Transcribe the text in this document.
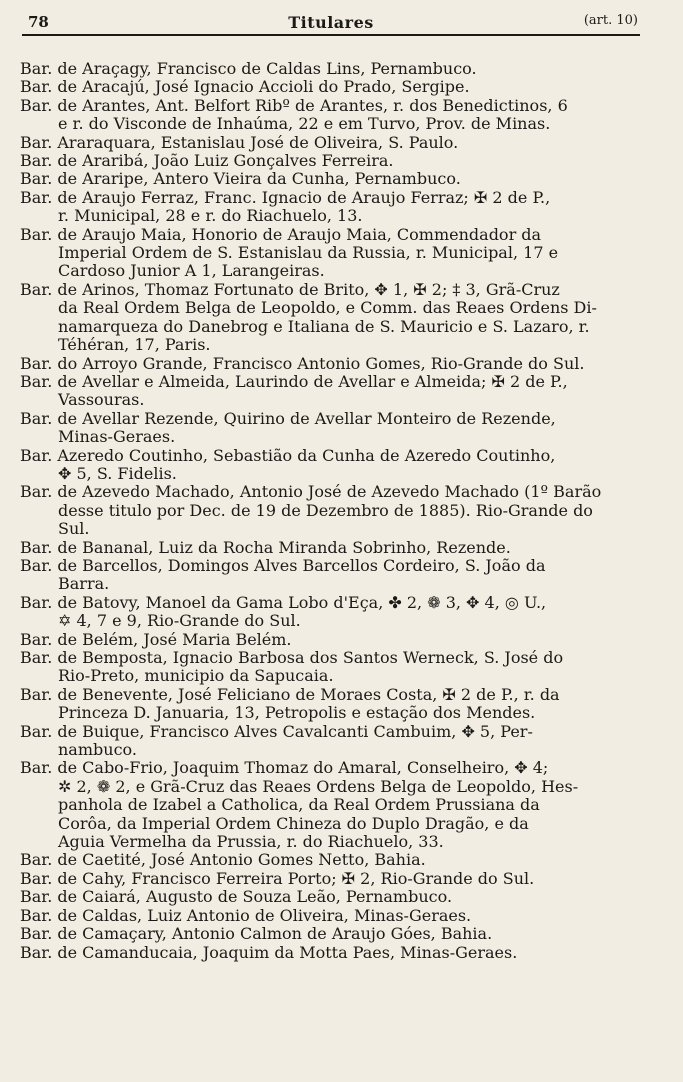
78	Titulares	(art. 10)
Bar. de Araçagy, Francisco de Caldas Lins, Pernambuco.
Bar. de Aracajú, José Ignacio Accioli do Prado, Sergipe.
Bar. de Arantes, Ant. Belfort Ribº de Arantes, r. dos Benedictinos, 6
e r. do Visconde de Inhaúma, 22 e em Turvo, Prov. de Minas.
Bar. Araraquara, Estanislau José de Oliveira, S. Paulo.
Bar. de Araribá, João Luiz Gonçalves Ferreira.
Bar. de Araripe, Antero Vieira da Cunha, Pernambuco.
Bar. de Araujo Ferraz, Franc. Ignacio de Araujo Ferraz; ✠ 2 de P.,
r. Municipal, 28 e r. do Riachuelo, 13.
Bar. de Araujo Maia, Honorio de Araujo Maia, Commendador da
Imperial Ordem de S. Estanislau da Russia, r. Municipal, 17 e
Cardoso Junior A 1, Larangeiras.
Bar. de Arinos, Thomaz Fortunato de Brito, ✥ 1, ✠ 2; ‡ 3, Grã-Cruz
da Real Ordem Belga de Leopoldo, e Comm. das Reaes Ordens Di-
namarqueza do Danebrog e Italiana de S. Mauricio e S. Lazaro, r.
Téhéran, 17, Paris.
Bar. do Arroyo Grande, Francisco Antonio Gomes, Rio-Grande do Sul.
Bar. de Avellar e Almeida, Laurindo de Avellar e Almeida; ✠ 2 de P.,
Vassouras.
Bar. de Avellar Rezende, Quirino de Avellar Monteiro de Rezende,
Minas-Geraes.
Bar. Azeredo Coutinho, Sebastião da Cunha de Azeredo Coutinho,
✥ 5, S. Fidelis.
Bar. de Azevedo Machado, Antonio José de Azevedo Machado (1º Barão
desse titulo por Dec. de 19 de Dezembro de 1885). Rio-Grande do
Sul.
Bar. de Bananal, Luiz da Rocha Miranda Sobrinho, Rezende.
Bar. de Barcellos, Domingos Alves Barcellos Cordeiro, S. João da
Barra.
Bar. de Batovy, Manoel da Gama Lobo d'Eça, ✤ 2, ❁ 3, ✥ 4, ◎ U.,
✡ 4, 7 e 9, Rio-Grande do Sul.
Bar. de Belém, José Maria Belém.
Bar. de Bemposta, Ignacio Barbosa dos Santos Werneck, S. José do
Rio-Preto, municipio da Sapucaia.
Bar. de Benevente, José Feliciano de Moraes Costa, ✠ 2 de P., r. da
Princeza D. Januaria, 13, Petropolis e estação dos Mendes.
Bar. de Buique, Francisco Alves Cavalcanti Cambuim, ✥ 5, Per-
nambuco.
Bar. de Cabo-Frio, Joaquim Thomaz do Amaral, Conselheiro, ✥ 4;
✲ 2, ❁ 2, e Grã-Cruz das Reaes Ordens Belga de Leopoldo, Hes-
panhola de Izabel a Catholica, da Real Ordem Prussiana da
Corôa, da Imperial Ordem Chineza do Duplo Dragão, e da
Aguia Vermelha da Prussia, r. do Riachuelo, 33.
Bar. de Caetité, José Antonio Gomes Netto, Bahia.
Bar. de Cahy, Francisco Ferreira Porto; ✠ 2, Rio-Grande do Sul.
Bar. de Caiará, Augusto de Souza Leão, Pernambuco.
Bar. de Caldas, Luiz Antonio de Oliveira, Minas-Geraes.
Bar. de Camaçary, Antonio Calmon de Araujo Góes, Bahia.
Bar. de Camanducaia, Joaquim da Motta Paes, Minas-Geraes.
